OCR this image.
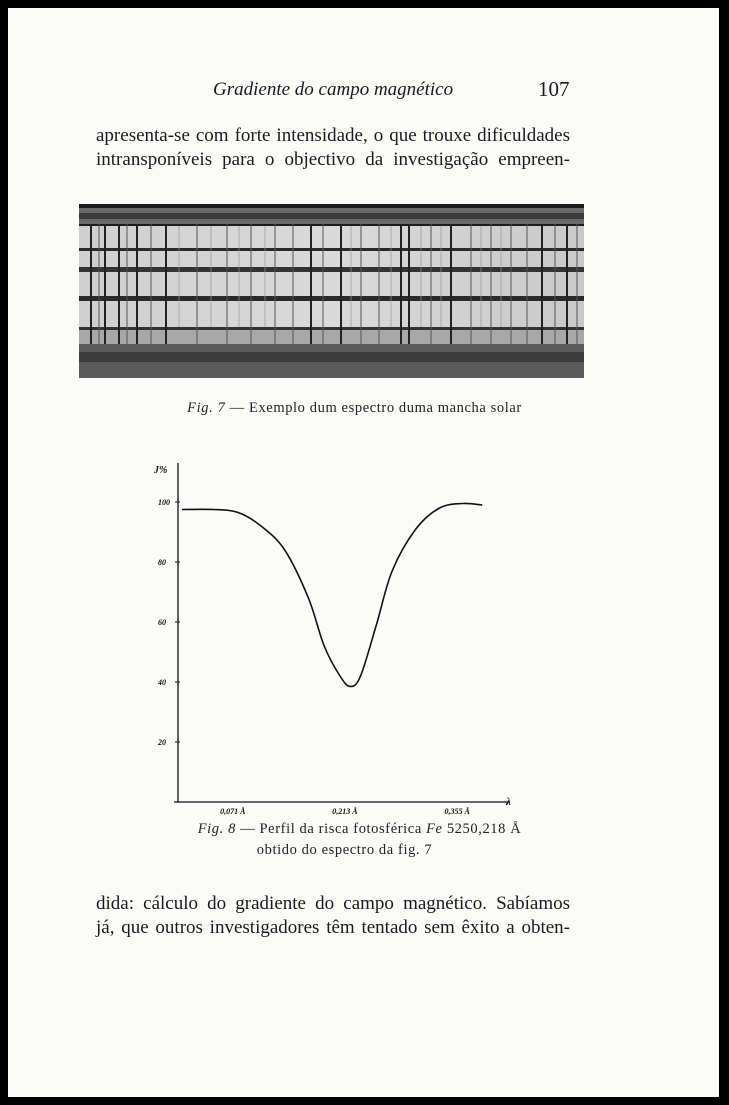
Gradiente do campo magnético	107
apresenta-se com forte intensidade, o que trouxe dificuldades
intransponíveis para o objectivo da investigação empreen-
Fig. 7 — Exemplo dum espectro duma mancha solar
J%
λ
100
80
60
40
20
0,071 Å	0,213 Å	0,355 Å
Fig. 8 — Perfil da risca fotosférica Fe 5250,218 Å
obtido do espectro da fig. 7
dida: cálculo do gradiente do campo magnético. Sabíamos
já, que outros investigadores têm tentado sem êxito a obten-
